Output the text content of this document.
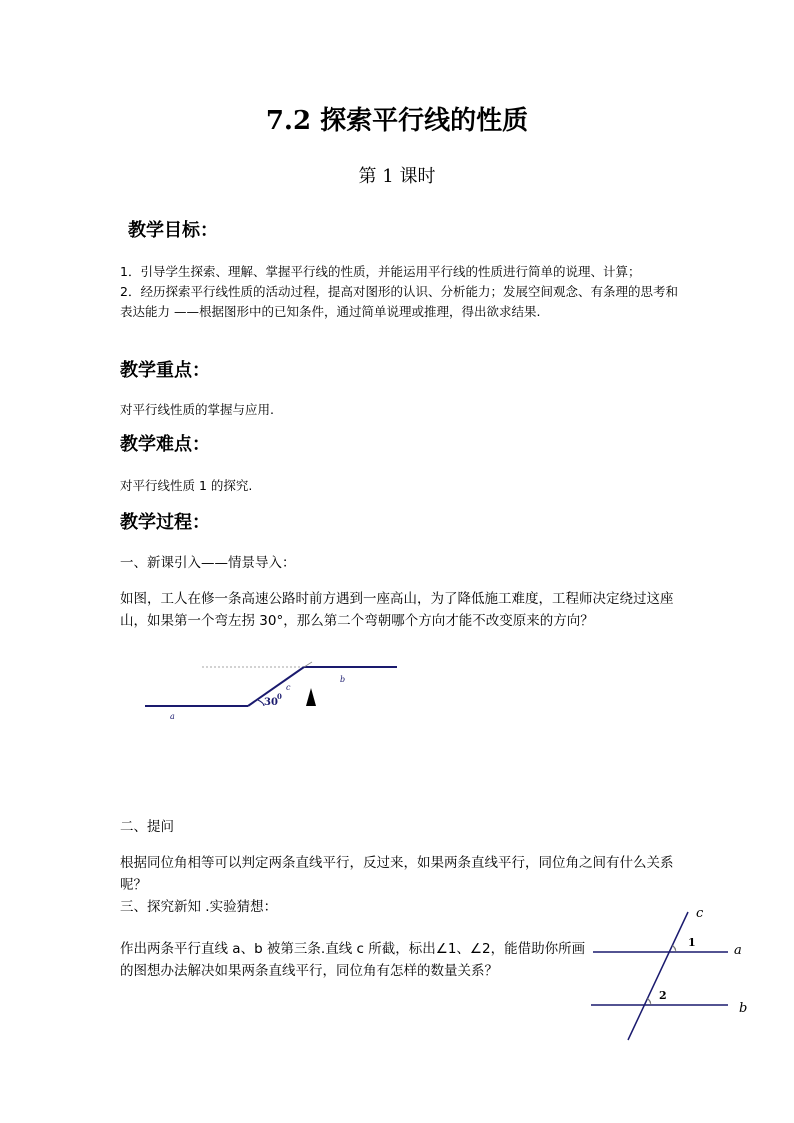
7.2 探索平行线的性质
第 1 课时
教学目标：

1．引导学生探索、理解、掌握平行线的性质，并能运用平行线的性质进行简单的说理、计算；

2．经历探索平行线性质的活动过程，提高对图形的认识、分析能力；发展空间观念、有条理的思考和表达能力 ——根据图形中的已知条件，通过简单说理或推理，得出欲求结果.

教学重点：
对平行线性质的掌握与应用.
教学难点：
对平行线性质 1 的探究.
教学过程：
一、新课引入——情景导入：
如图，工人在修一条高速公路时前方遇到一座高山，为了降低施工难度，工程师决定绕过这座山，如果第一个弯左拐 30°，那么第二个弯朝哪个方向才能不改变原来的方向？
a
b
c
30
0
二、提问
根据同位角相等可以判定两条直线平行，反过来，如果两条直线平行，同位角之间有什么关系呢？
三、探究新知 .实验猜想：
作出两条平行直线 a、b 被第三条.直线 c 所截，标出∠1、∠2，能借助你所画的图想办法解决如果两条直线平行，同位角有怎样的数量关系？
c
a
b
1
2
